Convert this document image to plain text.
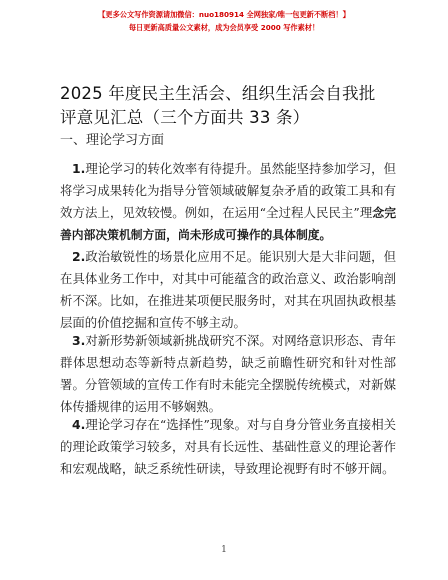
【更多公文写作资源请加微信：nuo180914 全网独家/唯一包更新不断档！】
每日更新高质量公文素材，成为会员享受 2000 写作素材！
2025 年度民主生活会、组织生活会自我批评意见汇总（三个方面共 33 条）
一、理论学习方面

1.理论学习的转化效率有待提升。虽然能坚持参加学习，但将学习成果转化为指导分管领域破解复杂矛盾的政策工具和有效方法上，见效较慢。例如，在运用“全过程人民民主”理念完善内部决策机制方面，尚未形成可操作的具体制度。

2.政治敏锐性的场景化应用不足。能识别大是大非问题，但在具体业务工作中，对其中可能蕴含的政治意义、政治影响剖析不深。比如，在推进某项便民服务时，对其在巩固执政根基层面的价值挖掘和宣传不够主动。

3.对新形势新领域新挑战研究不深。对网络意识形态、青年群体思想动态等新特点新趋势，缺乏前瞻性研究和针对性部署。分管领域的宣传工作有时未能完全摆脱传统模式，对新媒体传播规律的运用不够娴熟。

4.理论学习存在“选择性”现象。对与自身分管业务直接相关的理论政策学习较多，对具有长远性、基础性意义的理论著作和宏观战略，缺乏系统性研读，导致理论视野有时不够开阔。

1
